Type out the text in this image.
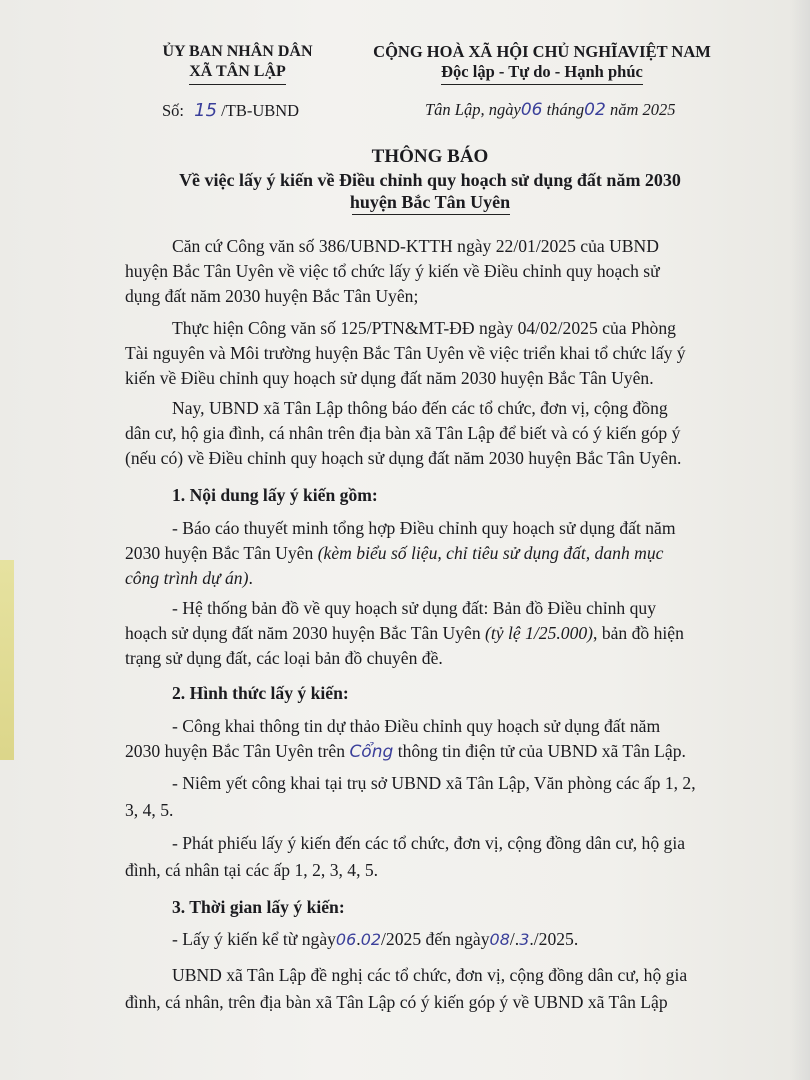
ỦY BAN NHÂN DÂN
XÃ TÂN LẬP
CỘNG HOÀ XÃ HỘI CHỦ NGHĨAVIỆT NAM
Độc lập - Tự do - Hạnh phúc
Số: 15 /TB-UBND	Tân Lập, ngày06 tháng02 năm 2025
THÔNG BÁO
Về việc lấy ý kiến về Điều chỉnh quy hoạch sử dụng đất năm 2030
huyện Bắc Tân Uyên
Căn cứ Công văn số 386/UBND-KTTH ngày 22/01/2025 của UBND
huyện Bắc Tân Uyên về việc tổ chức lấy ý kiến về Điều chỉnh quy hoạch sử
dụng đất năm 2030 huyện Bắc Tân Uyên;
Thực hiện Công văn số 125/PTN&MT-ĐĐ ngày 04/02/2025 của Phòng
Tài nguyên và Môi trường huyện Bắc Tân Uyên về việc triển khai tổ chức lấy ý
kiến về Điều chỉnh quy hoạch sử dụng đất năm 2030 huyện Bắc Tân Uyên.
Nay, UBND xã Tân Lập thông báo đến các tổ chức, đơn vị, cộng đồng
dân cư, hộ gia đình, cá nhân trên địa bàn xã Tân Lập để biết và có ý kiến góp ý
(nếu có) về Điều chỉnh quy hoạch sử dụng đất năm 2030 huyện Bắc Tân Uyên.
1. Nội dung lấy ý kiến gồm:
- Báo cáo thuyết minh tổng hợp Điều chỉnh quy hoạch sử dụng đất năm
2030 huyện Bắc Tân Uyên (kèm biểu số liệu, chỉ tiêu sử dụng đất, danh mục
công trình dự án).
- Hệ thống bản đồ về quy hoạch sử dụng đất: Bản đồ Điều chỉnh quy
hoạch sử dụng đất năm 2030 huyện Bắc Tân Uyên (tỷ lệ 1/25.000), bản đồ hiện
trạng sử dụng đất, các loại bản đồ chuyên đề.
2. Hình thức lấy ý kiến:
- Công khai thông tin dự thảo Điều chỉnh quy hoạch sử dụng đất năm
2030 huyện Bắc Tân Uyên trên Cổng thông tin điện tử của UBND xã Tân Lập.
- Niêm yết công khai tại trụ sở UBND xã Tân Lập, Văn phòng các ấp 1, 2,
3, 4, 5.
- Phát phiếu lấy ý kiến đến các tổ chức, đơn vị, cộng đồng dân cư, hộ gia
đình, cá nhân tại các ấp 1, 2, 3, 4, 5.
3. Thời gian lấy ý kiến:
- Lấy ý kiến kể từ ngày06.02/2025 đến ngày08/.3./2025.
UBND xã Tân Lập đề nghị các tổ chức, đơn vị, cộng đồng dân cư, hộ gia
đình, cá nhân, trên địa bàn xã Tân Lập có ý kiến góp ý về UBND xã Tân Lập
